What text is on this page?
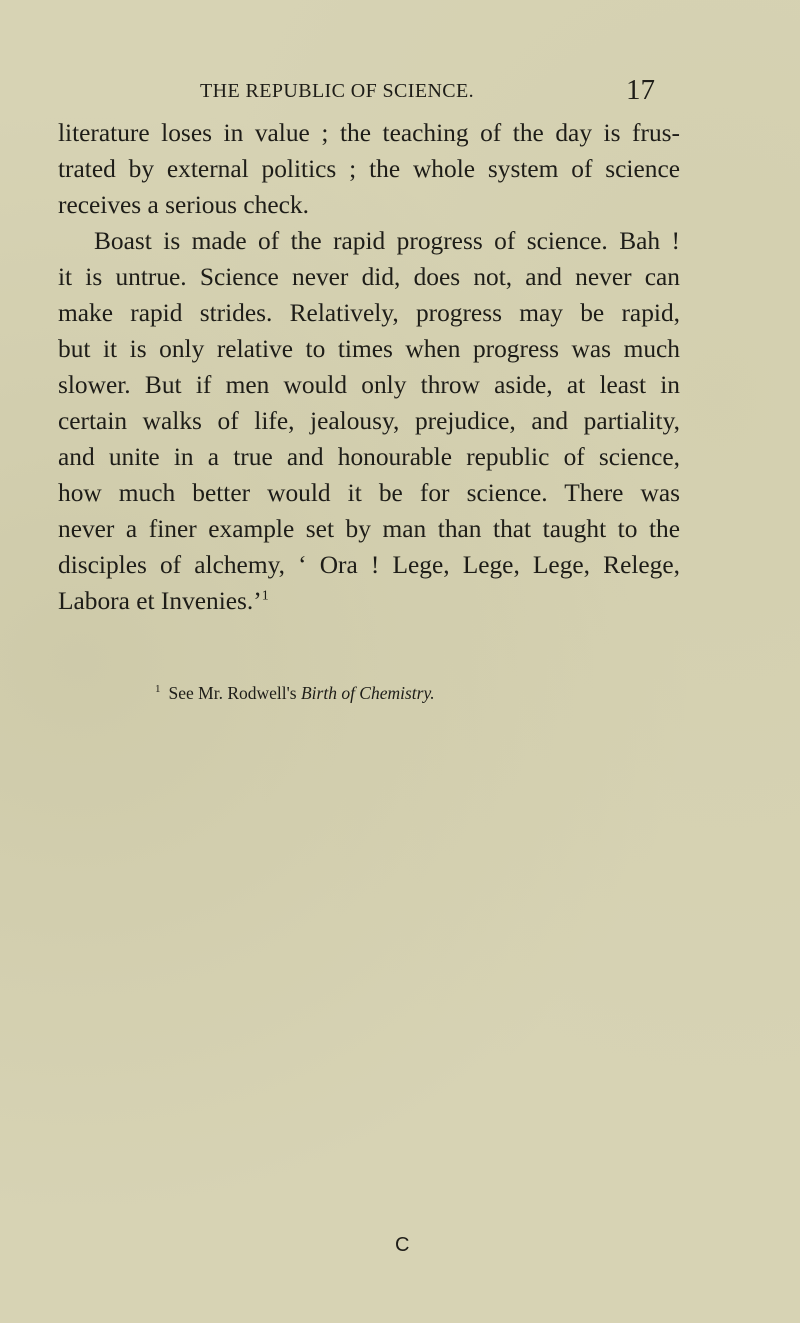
THE REPUBLIC OF SCIENCE.	17
literature loses in value ; the teaching of the day is frus-
trated by external politics ; the whole system of science
receives a serious check.
Boast is made of the rapid progress of science. Bah !
it is untrue. Science never did, does not, and never can
make rapid strides. Relatively, progress may be rapid,
but it is only relative to times when progress was much
slower. But if men would only throw aside, at least in
certain walks of life, jealousy, prejudice, and partiality,
and unite in a true and honourable republic of science,
how much better would it be for science. There was
never a finer example set by man than that taught to the
disciples of alchemy, ‘ Ora ! Lege, Lege, Lege, Relege,
Labora et Invenies.’$^1$
$^1$ See Mr. Rodwell's Birth of Chemistry.
C
